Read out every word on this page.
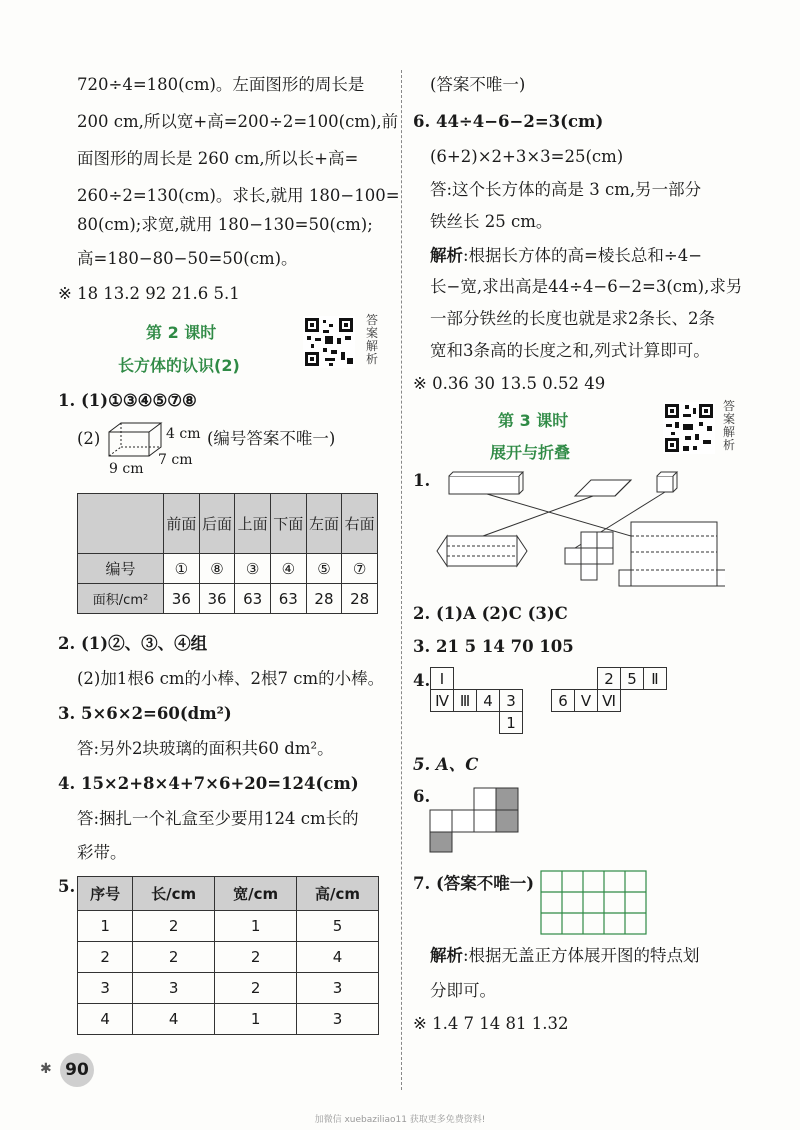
720÷4=180(cm)。左面图形的周长是
200 cm,所以宽+高=200÷2=100(cm),前
面图形的周长是 260 cm,所以长+高=
260÷2=130(cm)。求长,就用 180−100=
80(cm);求宽,就用 180−130=50(cm);
高=180−80−50=50(cm)。
※ 18 13.2 92 21.6 5.1
第 2 课时
长方体的认识(2)
答案解析
1. (1)①③④⑤⑦⑧
(2)	4 cm
7 cm
9 cm
(编号答案不唯一)
	前面	后面	上面	下面	左面	右面
编号	①	⑧	③	④	⑤	⑦
面积/cm²	36	36	63	63	28	28
2. (1)②、③、④组
(2)加1根6 cm的小棒、2根7 cm的小棒。
3. 5×6×2=60(dm²)
答:另外2块玻璃的面积共60 dm²。
4. 15×2+8×4+7×6+20=124(cm)
答:捆扎一个礼盒至少要用124 cm长的
彩带。
5. 序号	长/cm	宽/cm	高/cm
1	2	1	5
2	2	2	4
3	3	2	3
4	4	1	3
✱ 90
(答案不唯一)
6. 44÷4−6−2=3(cm)
(6+2)×2+3×3=25(cm)
答:这个长方体的高是 3 cm,另一部分
铁丝长 25 cm。
解析:根据长方体的高=棱长总和÷4−
长−宽,求出高是44÷4−6−2=3(cm),求另
一部分铁丝的长度也就是求2条长、2条
宽和3条高的长度之和,列式计算即可。
※ 0.36 30 13.5 0.52 49
第 3 课时
展开与折叠
答案解析
1.
2. (1)A (2)C (3)C
3. 21 5 14 70 105
4. Ⅰ			
Ⅳ	Ⅲ	4	3
			1
		2	5	Ⅱ
6	Ⅴ	Ⅵ		
5. A、C
6.
7. (答案不唯一)
解析:根据无盖正方体展开图的特点划
分即可。
※ 1.4 7 14 81 1.32
加微信 xuebaziliao11 获取更多免费资料!
